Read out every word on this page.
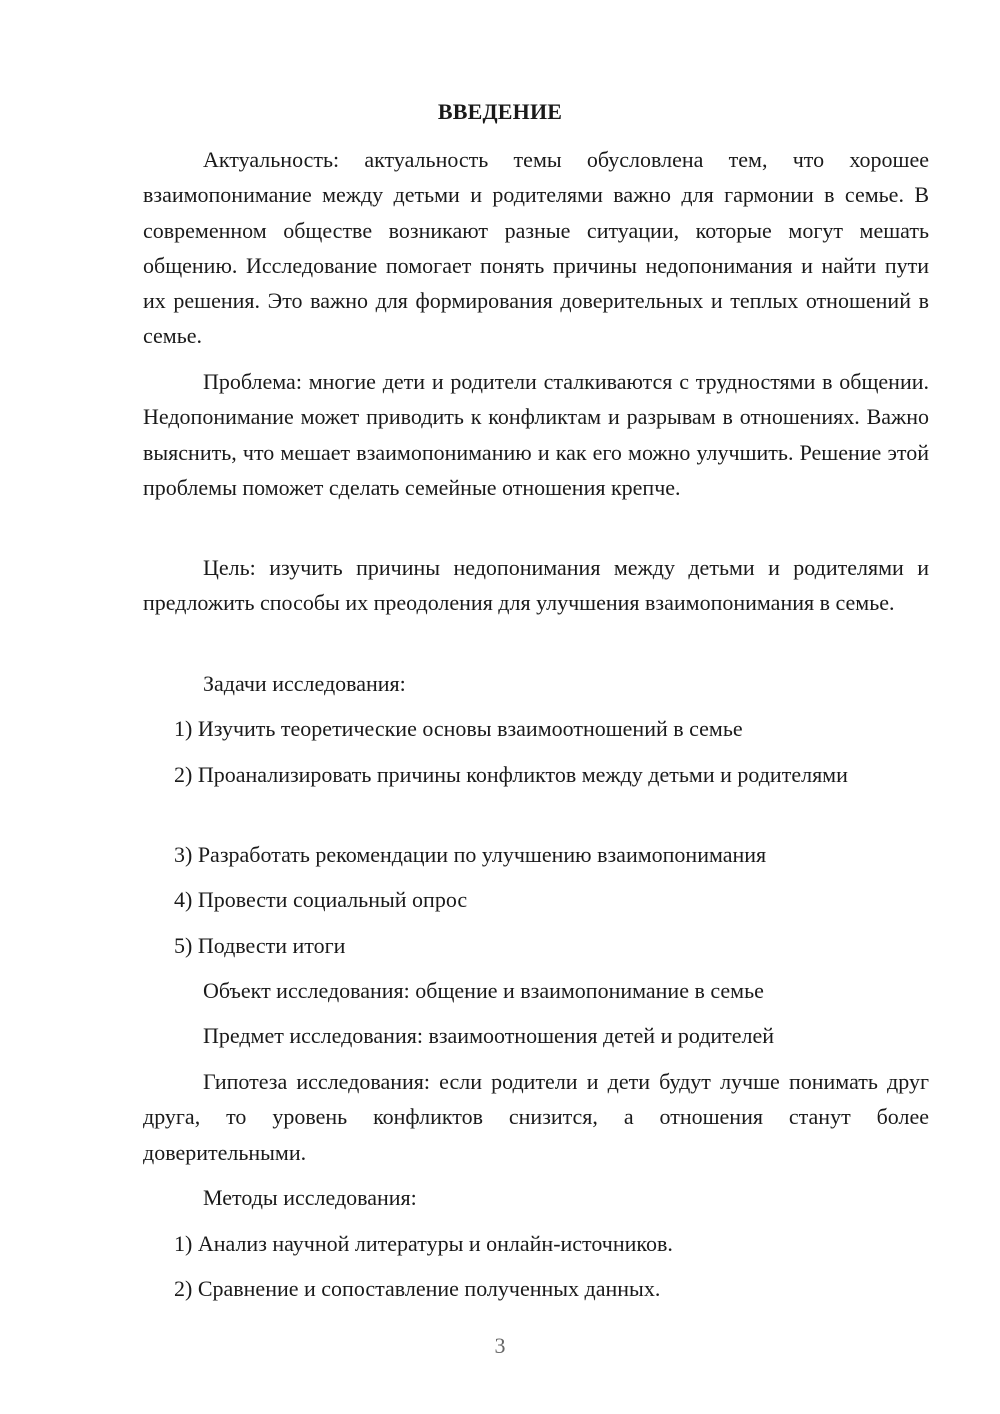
ВВЕДЕНИЕ

Актуальность: актуальность темы обусловлена тем, что хорошее взаимопонимание между детьми и родителями важно для гармонии в семье. В современном обществе возникают разные ситуации, которые могут мешать общению. Исследование помогает понять причины недопонимания и найти пути их решения. Это важно для формирования доверительных и теплых отношений в семье.

Проблема: многие дети и родители сталкиваются с трудностями в общении. Недопонимание может приводить к конфликтам и разрывам в отношениях. Важно выяснить, что мешает взаимопониманию и как его можно улучшить. Решение этой проблемы поможет сделать семейные отношения крепче.

Цель: изучить причины недопонимания между детьми и родителями и предложить способы их преодоления для улучшения взаимопонимания в семье.

Задачи исследования:

1) Изучить теоретические основы взаимоотношений в семье

2) Проанализировать причины конфликтов между детьми и родителями

3) Разработать рекомендации по улучшению взаимопонимания

4) Провести социальный опрос

5) Подвести итоги

Объект исследования: общение и взаимопонимание в семье

Предмет исследования: взаимоотношения детей и родителей

Гипотеза исследования: если родители и дети будут лучше понимать друг друга, то уровень конфликтов снизится, а отношения станут более доверительными.

Методы исследования:

1) Анализ научной литературы и онлайн-источников.

2) Сравнение и сопоставление полученных данных.

3
